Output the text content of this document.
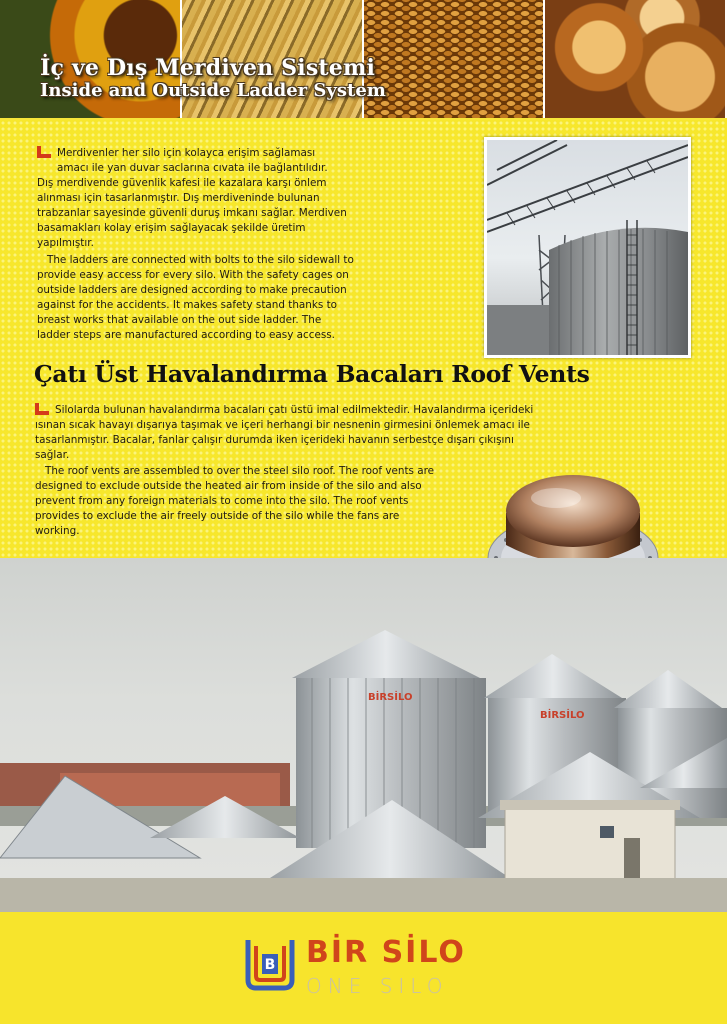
İç ve Dış Merdiven Sistemi
Inside and Outside Ladder System

Merdivenler her silo için kolayca erişim sağlaması

amacı ile yan duvar saclarına cıvata ile bağlantılıdır.

Dış merdivende güvenlik kafesi ile kazalara karşı önlem

alınması için tasarlanmıştır. Dış merdiveninde bulunan

trabzanlar sayesinde güvenli duruş imkanı sağlar. Merdiven

basamakları kolay erişim sağlayacak şekilde üretim

yapılmıştır.

The ladders are connected with bolts to the silo sidewall to

provide easy access for every silo. With the safety cages on

outside ladders are designed according to make precaution

against for the accidents. It makes safety stand thanks to

breast works that available on the out side ladder. The

ladder steps are manufactured according to easy access.

Çatı Üst Havalandırma Bacaları Roof Vents

Silolarda bulunan havalandırma bacaları çatı üstü imal edilmektedir. Havalandırma içerideki

ısınan sıcak havayı dışarıya taşımak ve içeri herhangi bir nesnenin girmesini önlemek amacı ile

tasarlanmıştır. Bacalar, fanlar çalışır durumda iken içerideki havanın serbestçe dışarı çıkışını

sağlar.

The roof vents are assembled to over the steel silo roof. The roof vents are

designed to exclude outside the heated air from inside of the silo and also

prevent from any foreign materials to come into the silo. The roof vents

provides to exclude the air freely outside of the silo while the fans are

working.

BİRSİLO
BİRSİLO
B BİR SİLO
ONE SILO
